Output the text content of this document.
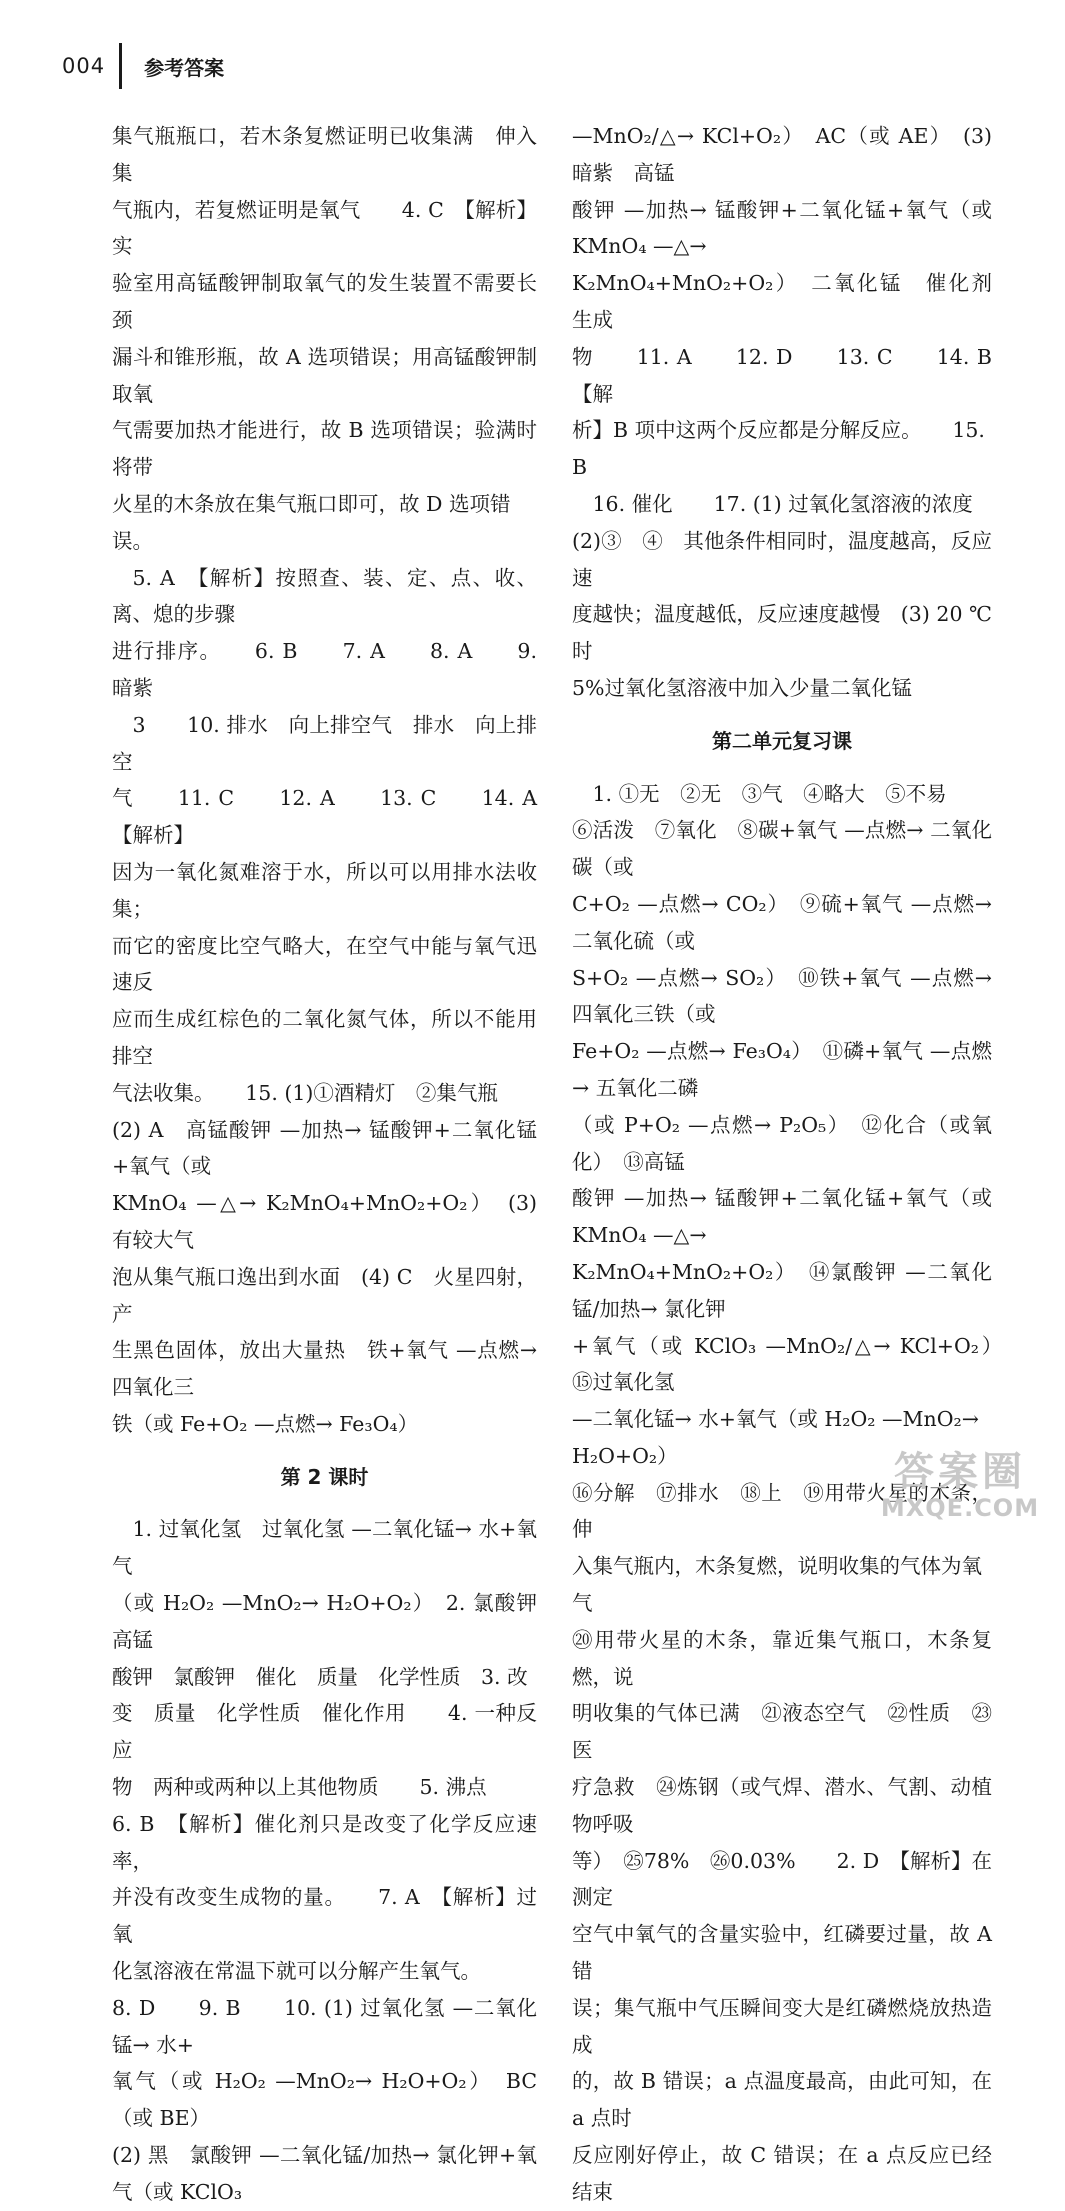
004 参考答案

集气瓶瓶口，若木条复燃证明已收集满　伸入集

气瓶内，若复燃证明是氧气　　4. C　【解析】实

验室用高锰酸钾制取氧气的发生装置不需要长颈

漏斗和锥形瓶，故 A 选项错误；用高锰酸钾制取氧

气需要加热才能进行，故 B 选项错误；验满时将带

火星的木条放在集气瓶口即可，故 D 选项错误。

5. A　【解析】按照查、装、定、点、收、离、熄的步骤

进行排序。　　6. B　　7. A　　8. A　　9. 暗紫

3　　10. 排水　向上排空气　排水　向上排空

气　　11. C　　12. A　　13. C　　14. A　【解析】

因为一氧化氮难溶于水，所以可以用排水法收集；

而它的密度比空气略大，在空气中能与氧气迅速反

应而生成红棕色的二氧化氮气体，所以不能用排空

气法收集。　　15. (1)①酒精灯　②集气瓶

(2) A　高锰酸钾 —加热→ 锰酸钾+二氧化锰+氧气（或

KMnO₄ —△→ K₂MnO₄+MnO₂+O₂）　(3) 有较大气

泡从集气瓶口逸出到水面　(4) C　火星四射，产

生黑色固体，放出大量热　铁+氧气 —点燃→ 四氧化三

铁（或 Fe+O₂ —点燃→ Fe₃O₄）

第 2 课时

1. 过氧化氢　过氧化氢 —二氧化锰→ 水+氧气

（或 H₂O₂ —MnO₂→ H₂O+O₂）　2. 氯酸钾　高锰

酸钾　氯酸钾　催化　质量　化学性质　3. 改

变　质量　化学性质　催化作用　　4. 一种反应

物　两种或两种以上其他物质　　5. 沸点

6. B　【解析】催化剂只是改变了化学反应速率，

并没有改变生成物的量。　　7. A　【解析】过氧

化氢溶液在常温下就可以分解产生氧气。

8. D　　9. B　　10. (1) 过氧化氢 —二氧化锰→ 水+

氧气（或 H₂O₂ —MnO₂→ H₂O+O₂）　BC（或 BE）

(2) 黑　氯酸钾 —二氧化锰/加热→ 氯化钾+氧气（或 KClO₃

—MnO₂/△→ KCl+O₂）　AC（或 AE）　(3) 暗紫　高锰

酸钾 —加热→ 锰酸钾+二氧化锰+氧气（或 KMnO₄ —△→

K₂MnO₄+MnO₂+O₂）　二氧化锰　催化剂　生成

物　　11. A　　12. D　　13. C　　14. B　【解

析】B 项中这两个反应都是分解反应。　　15. B

16. 催化　　17. (1) 过氧化氢溶液的浓度

(2)③　④　其他条件相同时，温度越高，反应速

度越快；温度越低，反应速度越慢　(3) 20 ℃时

5%过氧化氢溶液中加入少量二氧化锰

第二单元复习课

1. ①无　②无　③气　④略大　⑤不易

⑥活泼　⑦氧化　⑧碳+氧气 —点燃→ 二氧化碳（或

C+O₂ —点燃→ CO₂）　⑨硫+氧气 —点燃→ 二氧化硫（或

S+O₂ —点燃→ SO₂）　⑩铁+氧气 —点燃→ 四氧化三铁（或

Fe+O₂ —点燃→ Fe₃O₄）　⑪磷+氧气 —点燃→ 五氧化二磷

（或 P+O₂ —点燃→ P₂O₅）　⑫化合（或氧化）　⑬高锰

酸钾 —加热→ 锰酸钾+二氧化锰+氧气（或 KMnO₄ —△→

K₂MnO₄+MnO₂+O₂）　⑭氯酸钾 —二氧化锰/加热→ 氯化钾

+氧气（或 KClO₃ —MnO₂/△→ KCl+O₂）　⑮过氧化氢

—二氧化锰→ 水+氧气（或 H₂O₂ —MnO₂→ H₂O+O₂）

⑯分解　⑰排水　⑱上　⑲用带火星的木条，伸

入集气瓶内，木条复燃，说明收集的气体为氧气

⑳用带火星的木条，靠近集气瓶口，木条复燃，说

明收集的气体已满　㉑液态空气　㉒性质　㉓医

疗急救　㉔炼钢（或气焊、潜水、气割、动植物呼吸

等）　㉕78%　㉖0.03%　　2. D　【解析】在测定

空气中氧气的含量实验中，红磷要过量，故 A 错

误；集气瓶中气压瞬间变大是红磷燃烧放热造成

的，故 B 错误；a 点温度最高，由此可知，在 a 点时

反应刚好停止，故 C 错误；在 a 点反应已经结束

答案圈
MXQE.COM
